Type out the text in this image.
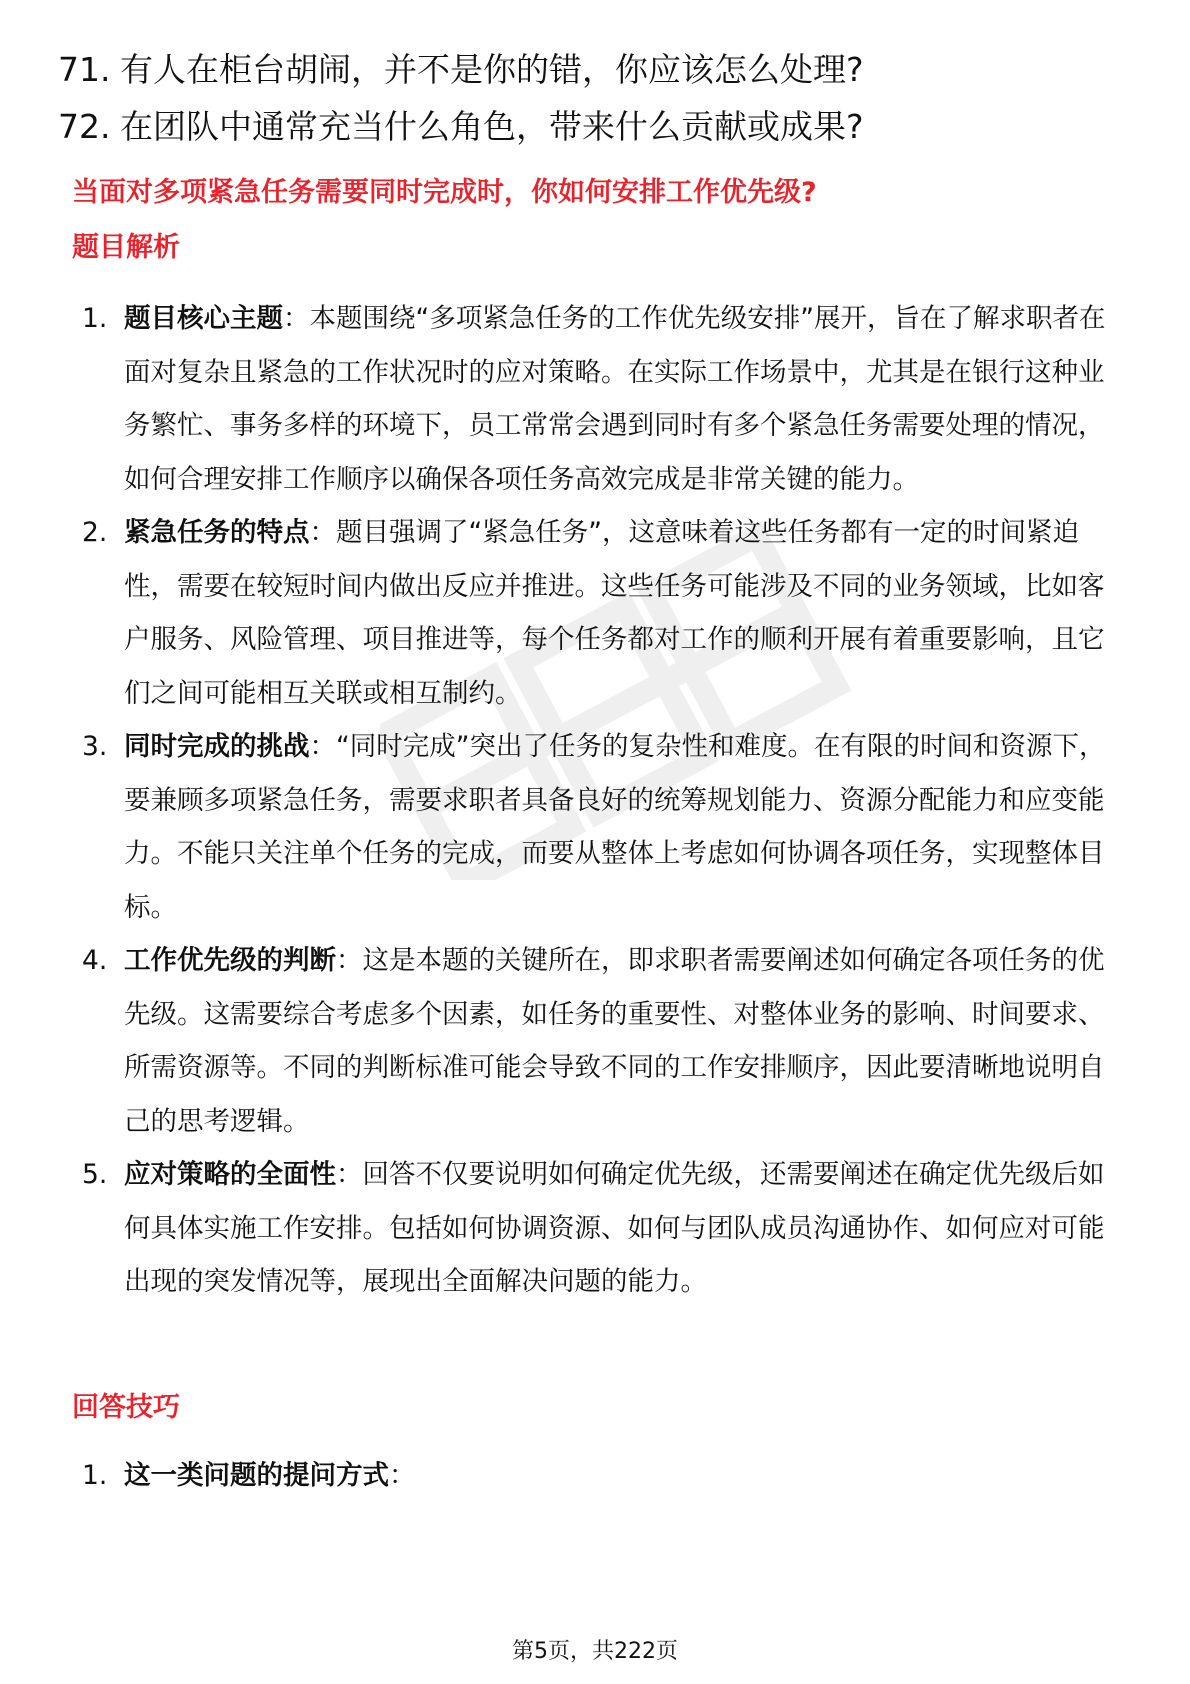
71. 有人在柜台胡闹，并不是你的错，你应该怎么处理?
72. 在团队中通常充当什么角色，带来什么贡献或成果?
当面对多项紧急任务需要同时完成时，你如何安排工作优先级?
题目解析
1. 题目核心主题：本题围绕“多项紧急任务的工作优先级安排”展开，旨在了解求职者在面对复杂且紧急的工作状况时的应对策略。在实际工作场景中，尤其是在银行这种业务繁忙、事务多样的环境下，员工常常会遇到同时有多个紧急任务需要处理的情况，如何合理安排工作顺序以确保各项任务高效完成是非常关键的能力。
2. 紧急任务的特点：题目强调了“紧急任务”，这意味着这些任务都有一定的时间紧迫性，需要在较短时间内做出反应并推进。这些任务可能涉及不同的业务领域，比如客户服务、风险管理、项目推进等，每个任务都对工作的顺利开展有着重要影响，且它们之间可能相互关联或相互制约。
3. 同时完成的挑战：“同时完成”突出了任务的复杂性和难度。在有限的时间和资源下，要兼顾多项紧急任务，需要求职者具备良好的统筹规划能力、资源分配能力和应变能力。不能只关注单个任务的完成，而要从整体上考虑如何协调各项任务，实现整体目标。
4. 工作优先级的判断：这是本题的关键所在，即求职者需要阐述如何确定各项任务的优先级。这需要综合考虑多个因素，如任务的重要性、对整体业务的影响、时间要求、所需资源等。不同的判断标准可能会导致不同的工作安排顺序，因此要清晰地说明自己的思考逻辑。
5. 应对策略的全面性：回答不仅要说明如何确定优先级，还需要阐述在确定优先级后如何具体实施工作安排。包括如何协调资源、如何与团队成员沟通协作、如何应对可能出现的突发情况等，展现出全面解决问题的能力。
回答技巧
1. 这一类问题的提问方式：
第5页，共222页
